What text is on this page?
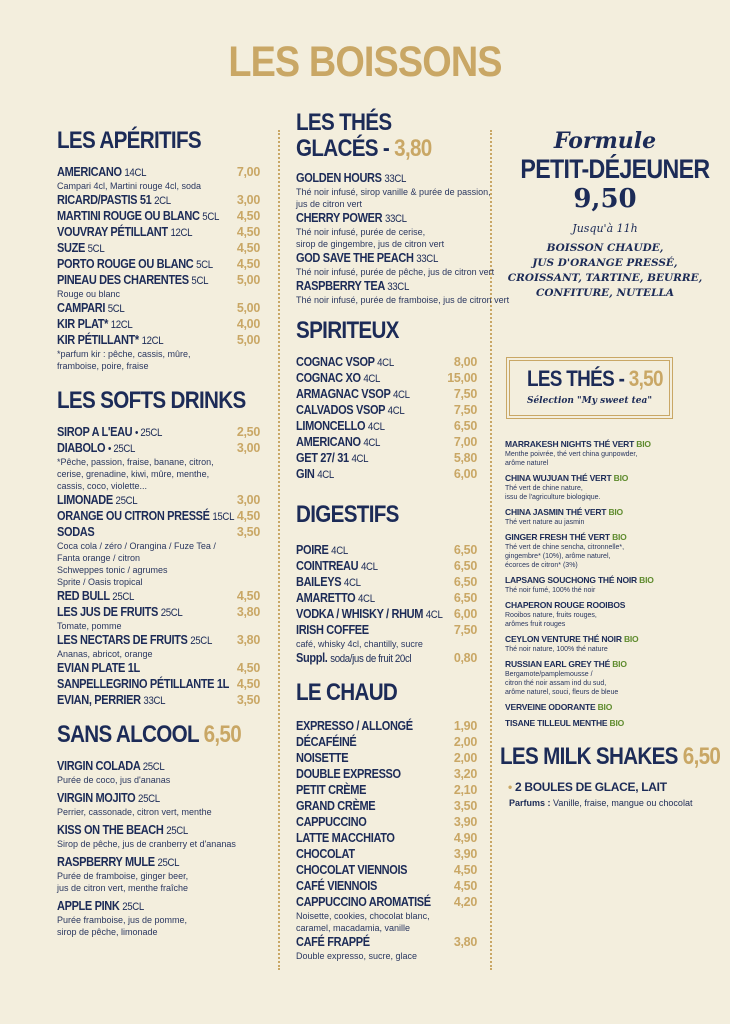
LES BOISSONS
LES APÉRITIFS
AMERICANO 14CL	7,00
Campari 4cl, Martini rouge 4cl, soda
RICARD/PASTIS 51 2CL	3,00
MARTINI ROUGE OU BLANC 5CL 4,50
VOUVRAY PÉTILLANT 12CL	4,50
SUZE 5CL	4,50
PORTO ROUGE OU BLANC 5CL 4,50
PINEAU DES CHARENTES 5CL 5,00
Rouge ou blanc
CAMPARI 5CL	5,00
KIR PLAT* 12CL	4,00
KIR PÉTILLANT* 12CL	5,00
*parfum kir : pêche, cassis, mûre,
framboise, poire, fraise
LES SOFTS DRINKS
SIROP A L'EAU • 25CL	2,50
DIABOLO • 25CL	3,00
*Pêche, passion, fraise, banane, citron,
cerise, grenadine, kiwi, mûre, menthe,
cassis, coco, violette...
LIMONADE 25CL	3,00
ORANGE OU CITRON PRESSÉ 15CL 4,50
SODAS	3,50
Coca cola / zéro / Orangina / Fuze Tea /
Fanta orange / citron
Schweppes tonic / agrumes
Sprite / Oasis tropical
RED BULL 25CL	4,50
LES JUS DE FRUITS 25CL	3,80
Tomate, pomme
LES NECTARS DE FRUITS 25CL 3,80
Ananas, abricot, orange
EVIAN PLATE 1L	4,50
SANPELLEGRINO PÉTILLANTE 1L 4,50
EVIAN, PERRIER 33CL	3,50
SANS ALCOOL 6,50
VIRGIN COLADA 25CL
Purée de coco, jus d'ananas
VIRGIN MOJITO 25CL
Perrier, cassonade, citron vert, menthe
KISS ON THE BEACH 25CL
Sirop de pêche, jus de cranberry et d'ananas
RASPBERRY MULE 25CL
Purée de framboise, ginger beer,
jus de citron vert, menthe fraîche
APPLE PINK 25CL
Purée framboise, jus de pomme,
sirop de pêche, limonade
LES THÉS
GLACÉS - 3,80
GOLDEN HOURS 33CL
Thé noir infusé, sirop vanille & purée de passion,
jus de citron vert
CHERRY POWER 33CL
Thé noir infusé, purée de cerise,
sirop de gingembre, jus de citron vert
GOD SAVE THE PEACH 33CL
Thé noir infusé, purée de pêche, jus de citron vert
RASPBERRY TEA 33CL
Thé noir infusé, purée de framboise, jus de citron vert
SPIRITEUX
COGNAC VSOP 4CL	8,00
COGNAC XO 4CL	15,00
ARMAGNAC VSOP 4CL	7,50
CALVADOS VSOP 4CL	7,50
LIMONCELLO 4CL	6,50
AMERICANO 4CL	7,00
GET 27/ 31 4CL	5,80
GIN 4CL	6,00
DIGESTIFS
POIRE 4CL	6,50
COINTREAU 4CL	6,50
BAILEYS 4CL	6,50
AMARETTO 4CL	6,50
VODKA / WHISKY / RHUM 4CL 6,00
IRISH COFFEE	7,50
café, whisky 4cl, chantilly, sucre
Suppl. soda/jus de fruit 20cl	0,80
LE CHAUD
EXPRESSO / ALLONGÉ	1,90
DÉCAFÉINÉ	2,00
NOISETTE	2,00
DOUBLE EXPRESSO	3,20
PETIT CRÈME	2,10
GRAND CRÈME	3,50
CAPPUCCINO	3,90
LATTE MACCHIATO	4,90
CHOCOLAT	3,90
CHOCOLAT VIENNOIS	4,50
CAFÉ VIENNOIS	4,50
CAPPUCCINO AROMATISÉ 4,20
Noisette, cookies, chocolat blanc,
caramel, macadamia, vanille
CAFÉ FRAPPÉ	3,80
Double expresso, sucre, glace
Formule
PETIT-DÉJEUNER
9,50
Jusqu'à 11h
BOISSON CHAUDE,
JUS D'ORANGE PRESSÉ,
CROISSANT, TARTINE, BEURRE,
CONFITURE, NUTELLA
LES THÉS - 3,50
Sélection "My sweet tea"
MARRAKESH NIGHTS THÉ VERT BIO
Menthe poivrée, thé vert china gunpowder,
arôme naturel
CHINA WUJUAN THÉ VERT BIO
Thé vert de chine nature,
issu de l'agriculture biologique.
CHINA JASMIN THÉ VERT BIO
Thé vert nature au jasmin
GINGER FRESH THÉ VERT BIO
Thé vert de chine sencha, citronnelle*,
gingembre* (10%), arôme naturel,
écorces de citron* (3%)
LAPSANG SOUCHONG THÉ NOIR BIO
Thé noir fumé, 100% thé noir
CHAPERON ROUGE ROOIBOS
Rooibos nature, fruits rouges,
arômes fruit rouges
CEYLON VENTURE THÉ NOIR BIO
Thé noir nature, 100% thé nature
RUSSIAN EARL GREY THÉ BIO
Bergamote/pamplemousse /
citron thé noir assam ind du sud,
arôme naturel, souci, fleurs de bleue
VERVEINE ODORANTE BIO
TISANE TILLEUL MENTHE BIO
LES MILK SHAKES 6,50
• 2 BOULES DE GLACE, LAIT
Parfums : Vanille, fraise, mangue ou chocolat
